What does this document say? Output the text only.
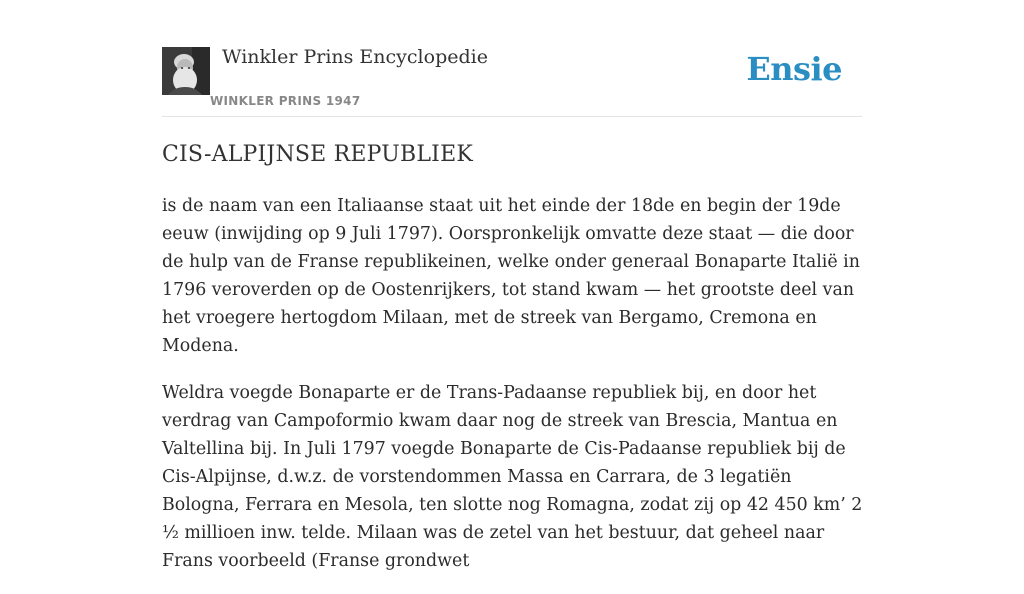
Winkler Prins Encyclopedie
WINKLER PRINS 1947
Ensie
CIS-ALPIJNSE REPUBLIEK

is de naam van een Italiaanse staat uit het einde der 18de en begin der 19de eeuw (inwijding op 9 Juli 1797). Oorspronkelijk omvatte deze staat — die door de hulp van de Franse republikeinen, welke onder generaal Bonaparte Italië in 1796 veroverden op de Oostenrijkers, tot stand kwam — het grootste deel van het vroegere hertogdom Milaan, met de streek van Bergamo, Cremona en Modena.

Weldra voegde Bonaparte er de Trans-Padaanse republiek bij, en door het verdrag van Campoformio kwam daar nog de streek van Brescia, Mantua en Valtellina bij. In Juli 1797 voegde Bonaparte de Cis-Padaanse republiek bij de Cis-Alpijnse, d.w.z. de vorstendommen Massa en Carrara, de 3 legatiën Bologna, Ferrara en Mesola, ten slotte nog Romagna, zodat zij op 42 450 km’ 2 ½ millioen inw. telde. Milaan was de zetel van het bestuur, dat geheel naar Frans voorbeeld (Franse grondwet
